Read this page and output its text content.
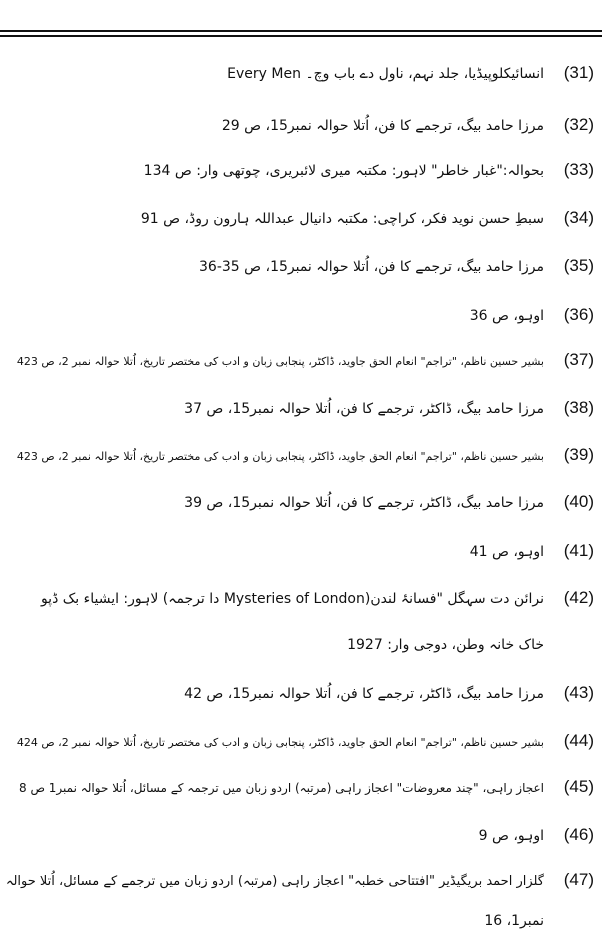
(31)
Every Men انسائیکلوپیڈیا، جلد نہم، ناول دے باب وچ۔
(32)
مرزا حامد بیگ، ترجمے کا فن، اُتلا حوالہ نمبر15، ص 29
(33)
بحوالہ:"غبار خاطر" لاہور: مکتبہ میری لائبریری، چوتھی وار: ص 134
(34)
سبطِ حسن نوید فکر، کراچی: مکتبہ دانیال عبداللہ ہارون روڈ، ص 91
(35)
مرزا حامد بیگ، ترجمے کا فن، اُتلا حوالہ نمبر15، ص 35-36
(36)
اوہو، ص 36
(37)
بشیر حسین ناظم، "تراجم" انعام الحق جاوید، ڈاکٹر، پنجابی زبان و ادب کی مختصر تاریخ، اُتلا حوالہ نمبر 2، ص 423
(38)
مرزا حامد بیگ، ڈاکٹر، ترجمے کا فن، اُتلا حوالہ نمبر15، ص 37
(39)
بشیر حسین ناظم، "تراجم" انعام الحق جاوید، ڈاکٹر، پنجابی زبان و ادب کی مختصر تاریخ، اُتلا حوالہ نمبر 2، ص 423
(40)
مرزا حامد بیگ، ڈاکٹر، ترجمے کا فن، اُتلا حوالہ نمبر15، ص 39
(41)
اوہو، ص 41
(42)
نرائن دت سہگل "فسانۂ لندن(Mysteries of London دا ترجمہ) لاہور: ایشیاء بک ڈپو
خاک خانہ وطن، دوجی وار: 1927
(43)
مرزا حامد بیگ، ڈاکٹر، ترجمے کا فن، اُتلا حوالہ نمبر15، ص 42
(44)
بشیر حسین ناظم، "تراجم" انعام الحق جاوید، ڈاکٹر، پنجابی زبان و ادب کی مختصر تاریخ، اُتلا حوالہ نمبر 2، ص 424
(45)
اعجاز راہی، "چند معروضات" اعجاز راہی (مرتبہ) اردو زبان میں ترجمہ کے مسائل، اُتلا حوالہ نمبر1 ص 8
(46)
اوہو، ص 9
(47)
گلزار احمد بریگیڈیر "افتتاحی خطبہ" اعجاز راہی (مرتبہ) اردو زبان میں ترجمے کے مسائل، اُتلا حوالہ
نمبر1، 16
